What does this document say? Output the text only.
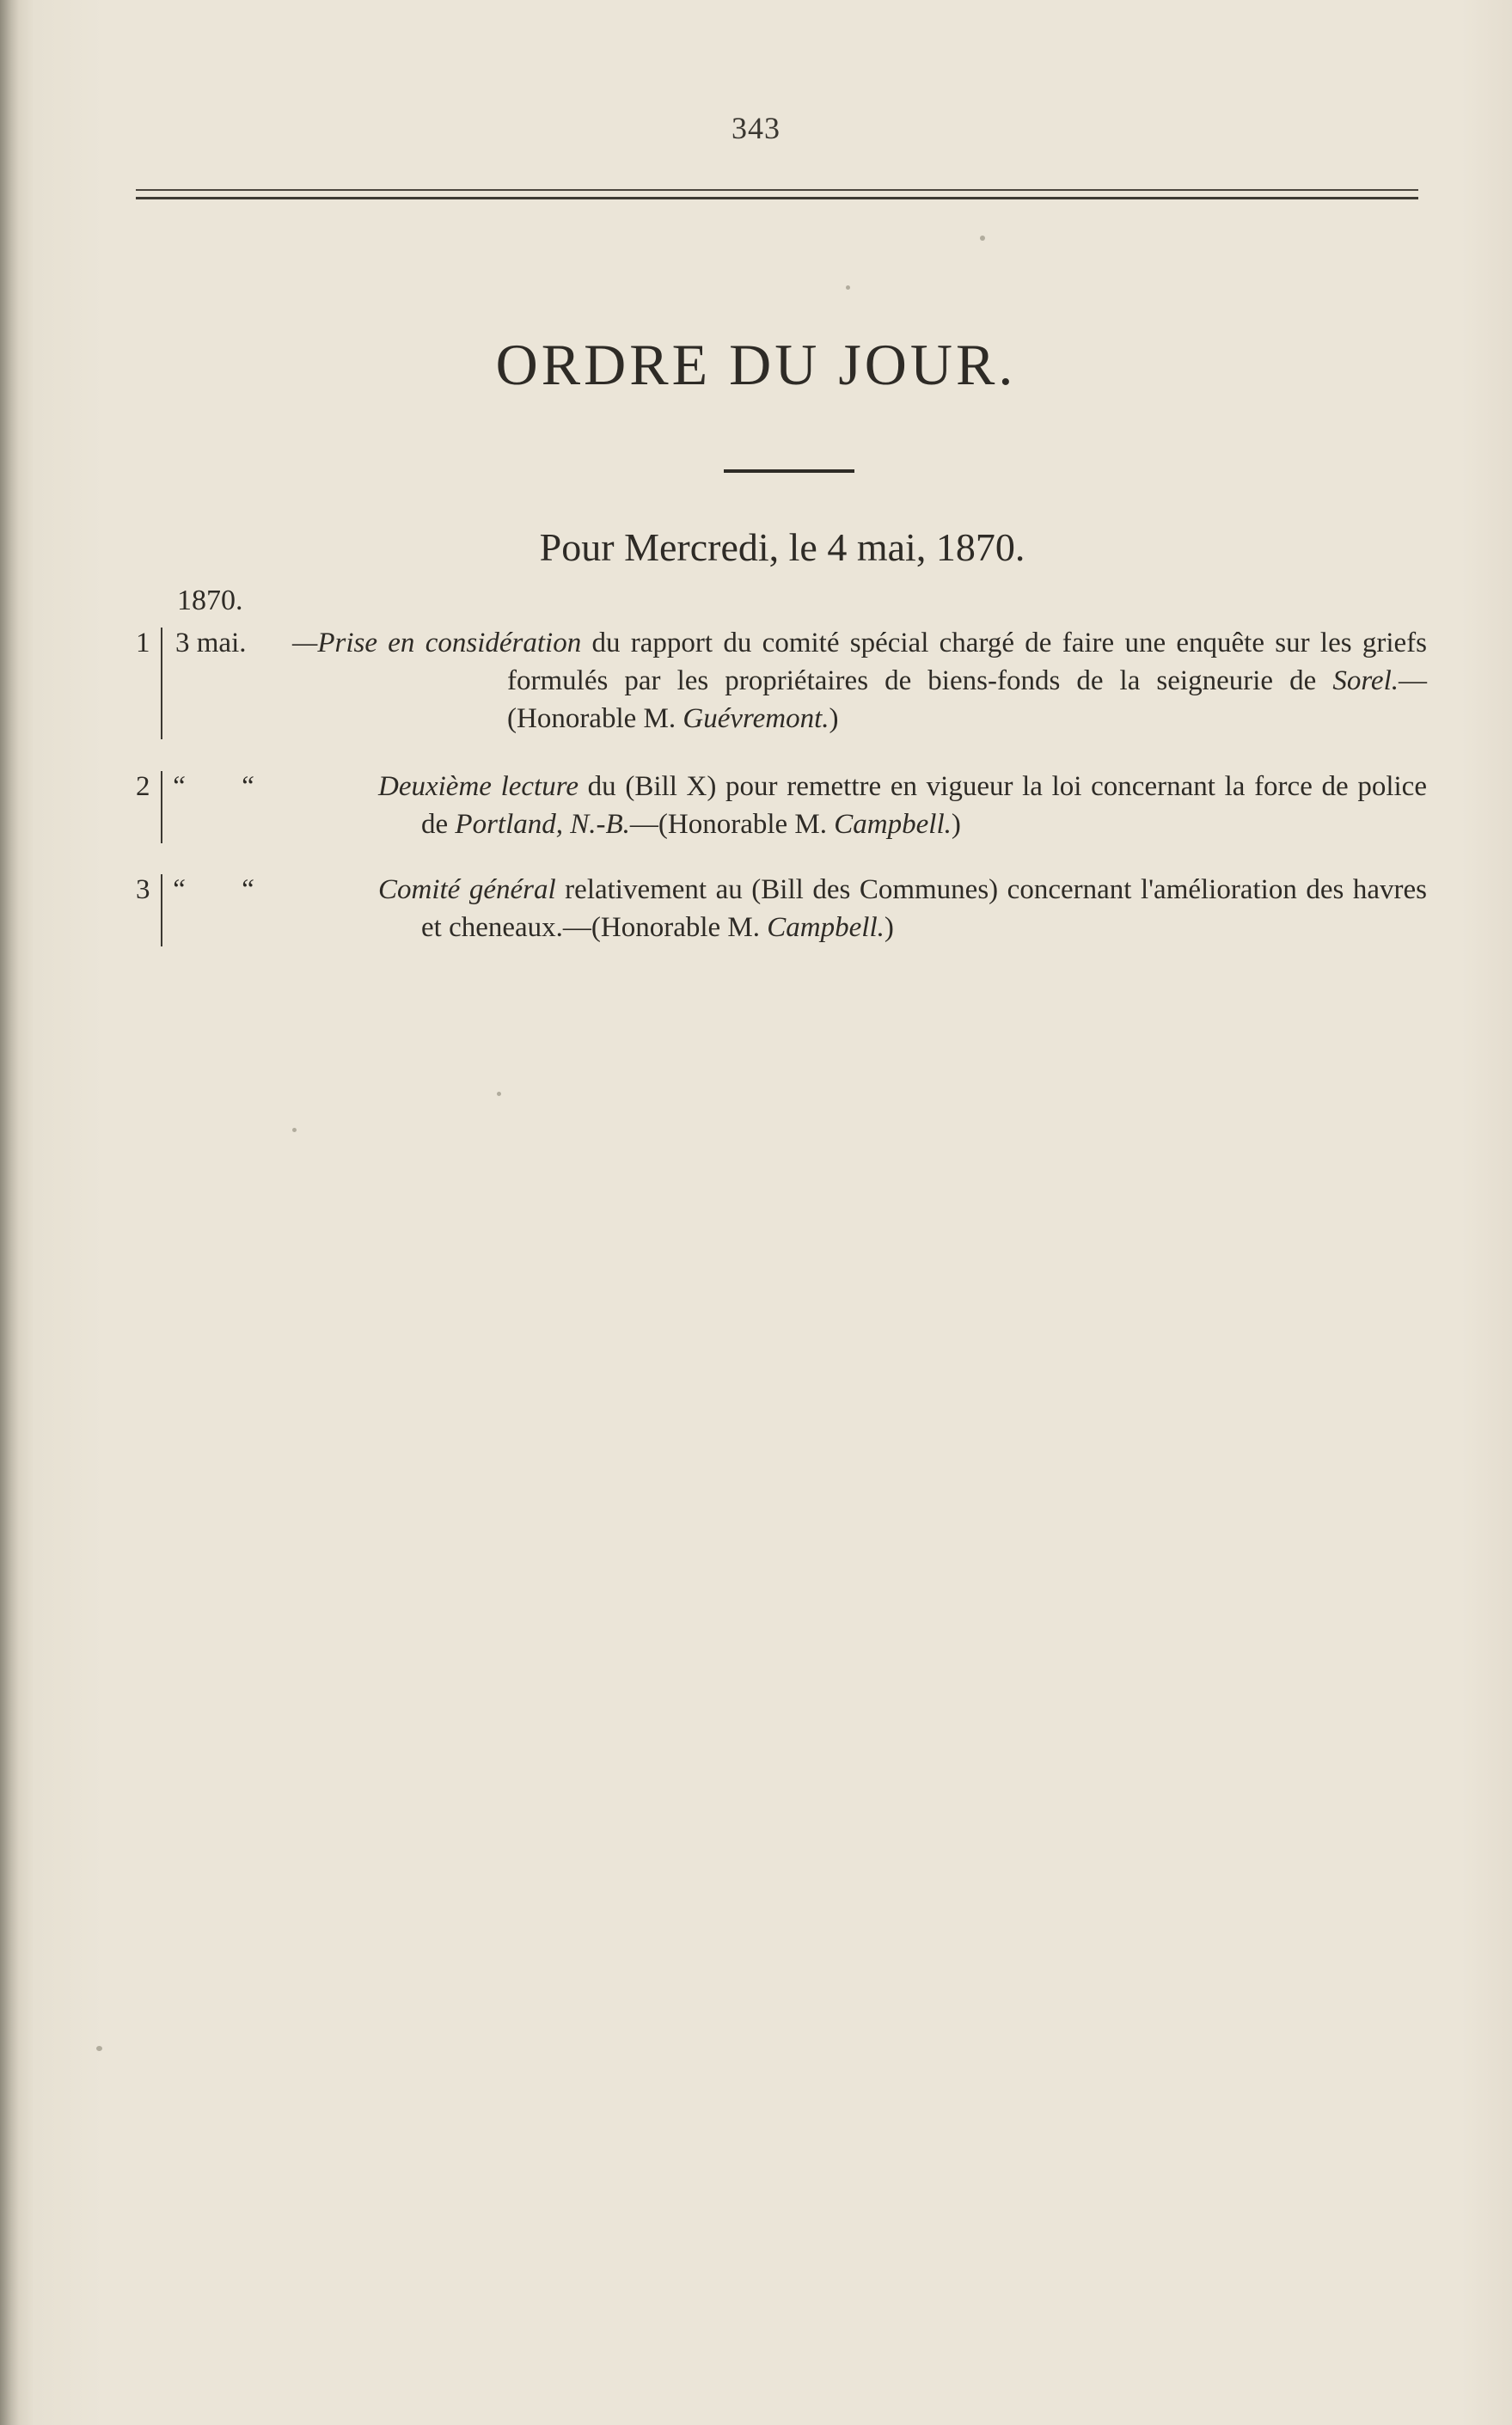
343
ORDRE DU JOUR.
Pour Mercredi, le 4 mai, 1870.
1870.
1 3 mai. —Prise en considération du rapport du comité spécial chargé de faire une enquête sur les griefs formulés par les propriétaires de biens-fonds de la seigneurie de Sorel.—(Honorable M. Guévremont.)
2 “ “	Deuxième lecture du (Bill X) pour remettre en vigueur la loi concernant la force de police de Portland, N.-B.—(Honorable M. Campbell.)
3 “ “	Comité général relativement au (Bill des Communes) concernant l'amélioration des havres et cheneaux.—(Honorable M. Campbell.)
